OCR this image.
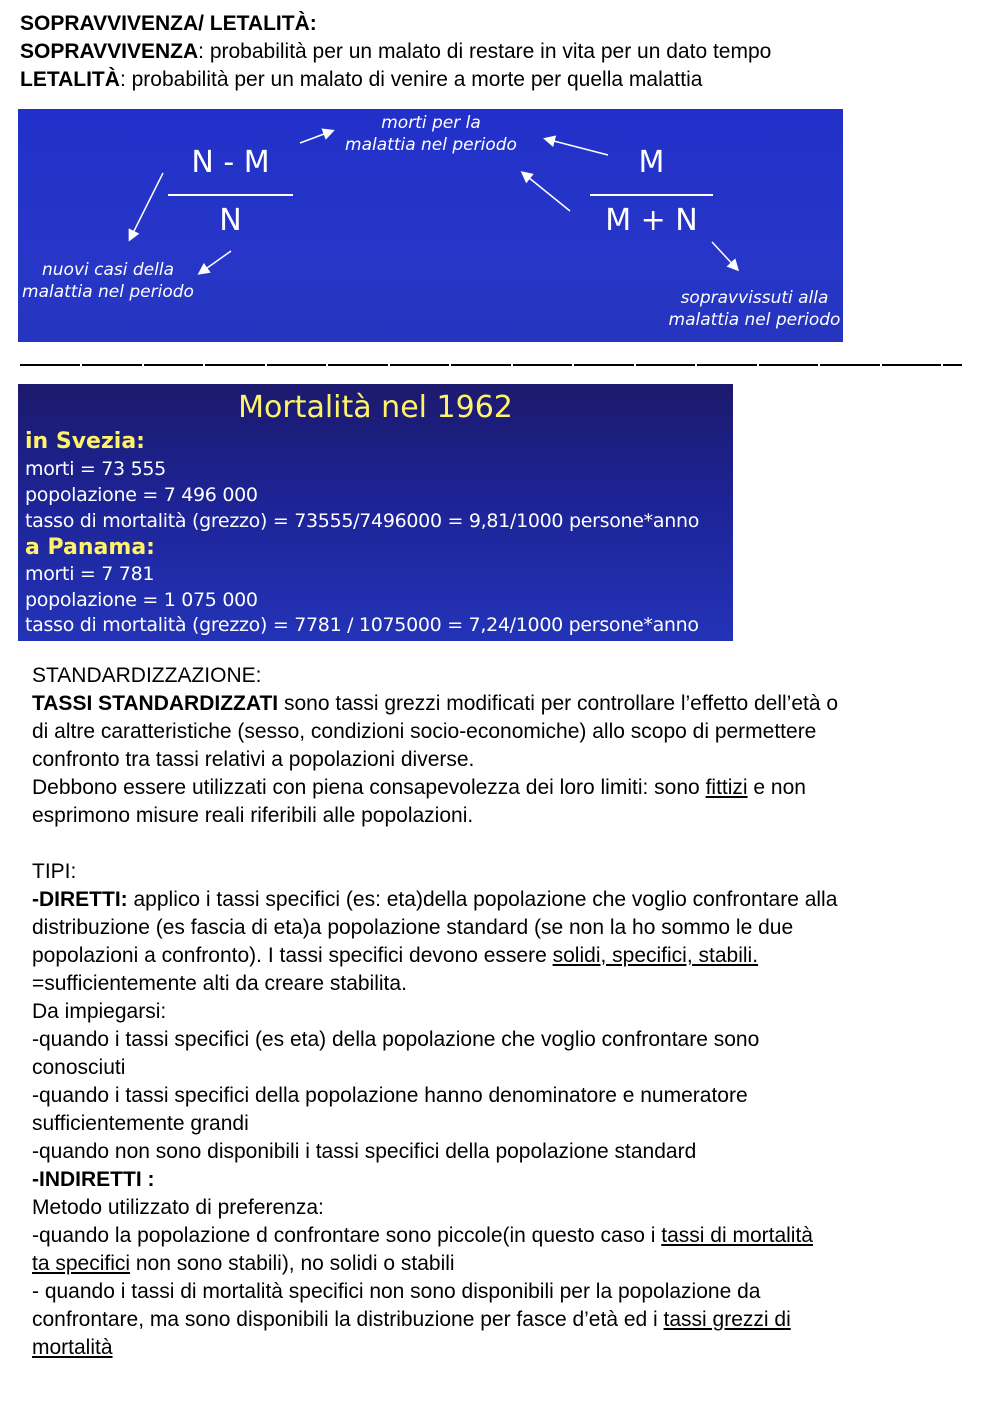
SOPRAVVIVENZA/ LETALITÀ:
SOPRAVVIVENZA: probabilità per un malato di restare in vita per un dato tempo
LETALITÀ: probabilità per un malato di venire a morte per quella malattia
N - M
N
M
M + N
morti per la
malattia nel periodo
nuovi casi della
malattia nel periodo	sopravvissuti alla
malattia nel periodo
Mortalità nel 1962
in Svezia:
morti = 73 555
popolazione = 7 496 000
tasso di mortalità (grezzo) = 73555/7496000 = 9,81/1000 persone*anno
a Panama:
morti = 7 781
popolazione = 1 075 000
tasso di mortalità (grezzo) = 7781 / 1075000 = 7,24/1000 persone*anno
STANDARDIZZAZIONE:
TASSI STANDARDIZZATI sono tassi grezzi modificati per controllare l’effetto dell’età o
di altre caratteristiche (sesso, condizioni socio-economiche) allo scopo di permettere
confronto tra tassi relativi a popolazioni diverse.
Debbono essere utilizzati con piena consapevolezza dei loro limiti: sono fittizi e non
esprimono misure reali riferibili alle popolazioni.
TIPI:
-DIRETTI: applico i tassi specifici (es: eta)della popolazione che voglio confrontare alla
distribuzione (es fascia di eta)a popolazione standard (se non la ho sommo le due
popolazioni a confronto). I tassi specifici devono essere solidi, specifici, stabili.
=sufficientemente alti da creare stabilita.
Da impiegarsi:
-quando i tassi specifici (es eta) della popolazione che voglio confrontare sono
conosciuti
-quando i tassi specifici della popolazione hanno denominatore e numeratore
sufficientemente grandi
-quando non sono disponibili i tassi specifici della popolazione standard
-INDIRETTI :
Metodo utilizzato di preferenza:
-quando la popolazione d confrontare sono piccole(in questo caso i tassi di mortalità
ta specifici non sono stabili), no solidi o stabili
- quando i tassi di mortalità specifici non sono disponibili per la popolazione da
confrontare, ma sono disponibili la distribuzione per fasce d’età ed i tassi grezzi di
mortalità
